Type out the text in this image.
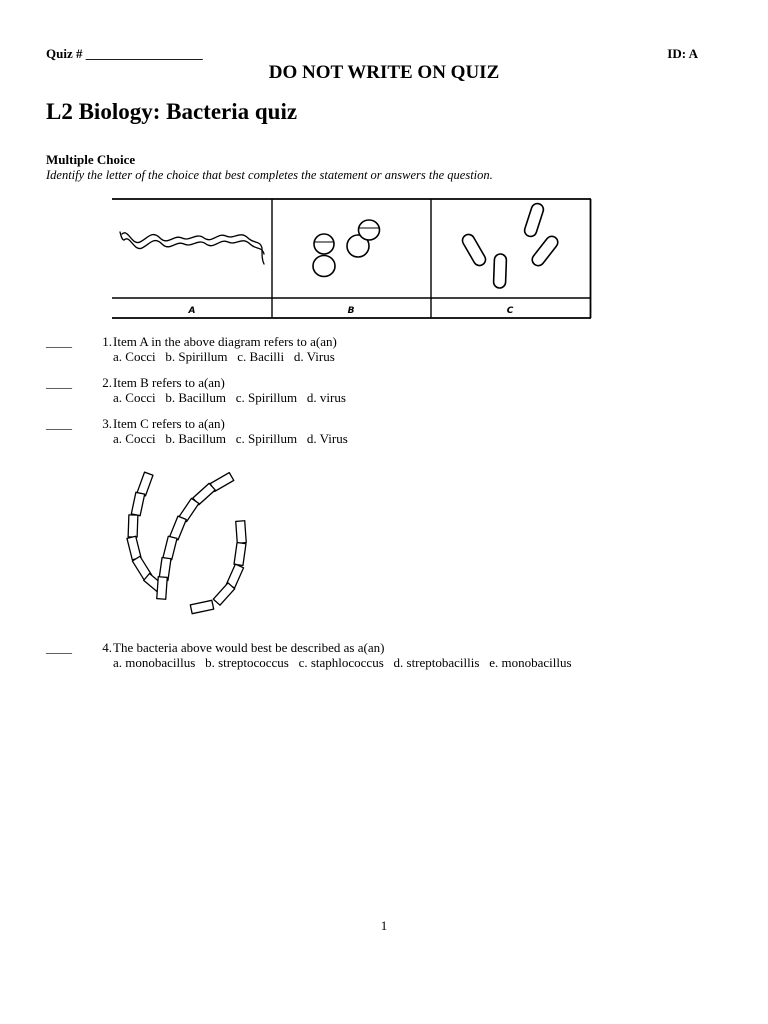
Quiz # __________________	ID: A
DO NOT WRITE ON QUIZ
L2 Biology: Bacteria quiz
Multiple Choice
Identify the letter of the choice that best completes the statement or answers the question.
A	B	C
____	1. Item A in the above diagram refers to a(an)
a. Cocci   b. Spirillum   c. Bacilli   d. Virus
____	2. Item B refers to a(an)
a. Cocci   b. Bacillum   c. Spirillum   d. virus
____	3. Item C refers to a(an)
a. Cocci   b. Bacillum   c. Spirillum   d. Virus
____	4. The bacteria above would best be described as a(an)
a. monobacillus   b. streptococcus   c. staphlococcus   d. streptobacillis   e. monobacillus
1
